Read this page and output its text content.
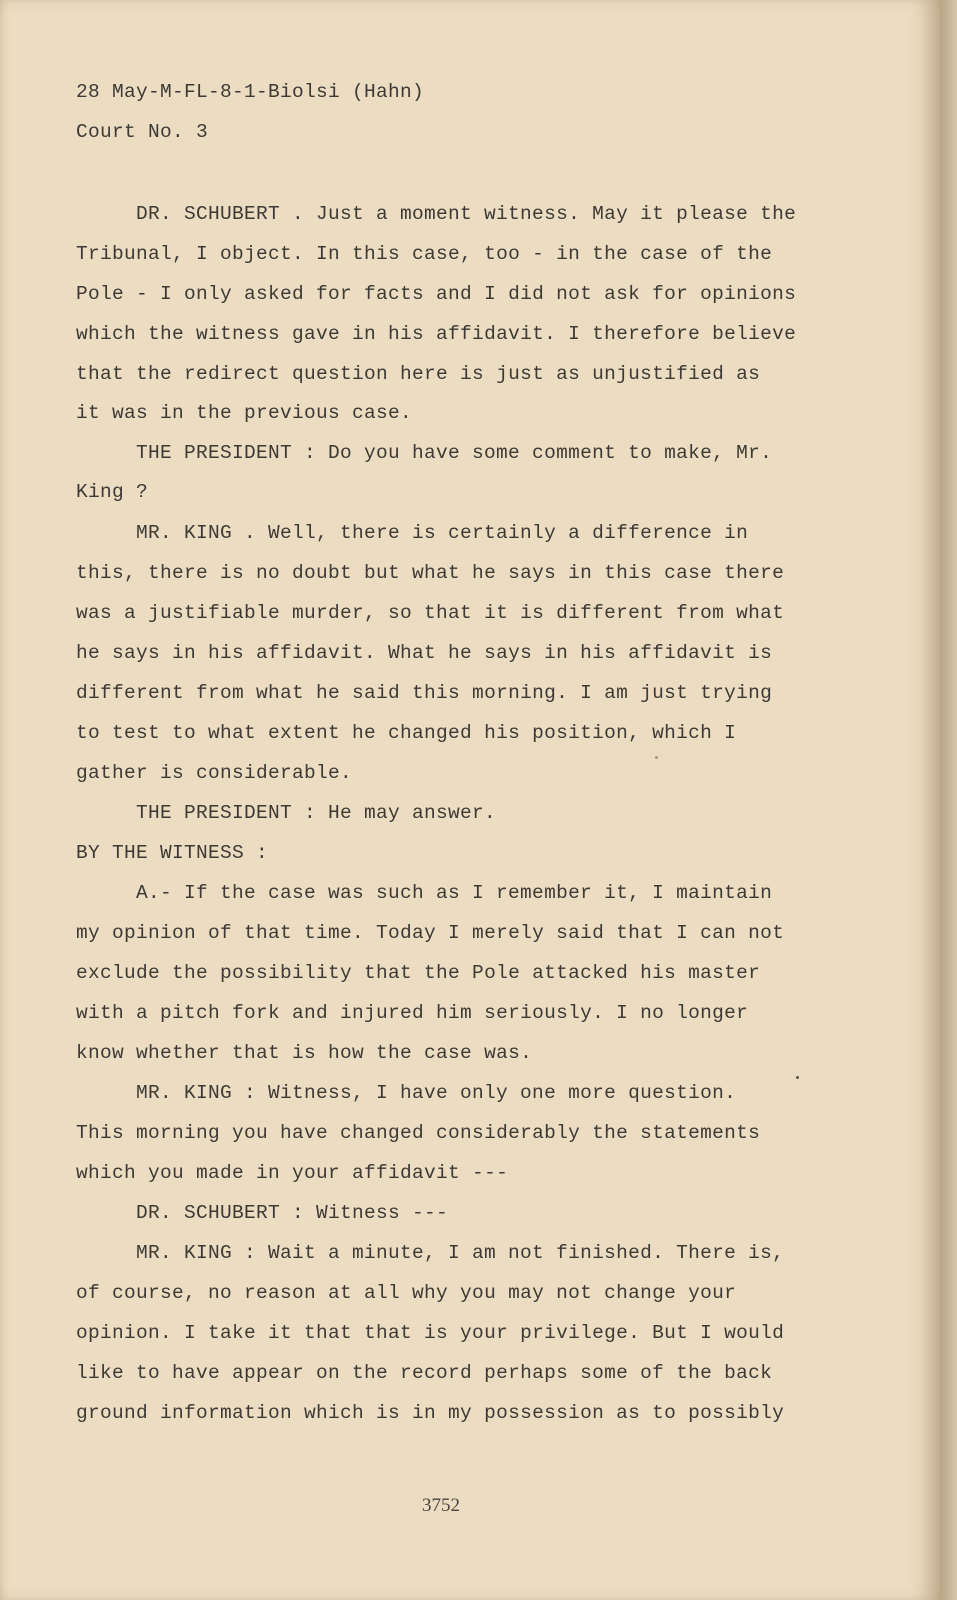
28 May-M-FL-8-1-Biolsi (Hahn)

Court No. 3

DR. SCHUBERT . Just a moment witness. May it please the

Tribunal, I object. In this case, too - in the case of the

Pole - I only asked for facts and I did not ask for opinions

which the witness gave in his affidavit. I therefore believe

that the redirect question here is just as unjustified as

it was in the previous case.

THE PRESIDENT : Do you have some comment to make, Mr.

King ?

MR. KING . Well, there is certainly a difference in

this, there is no doubt but what he says in this case there

was a justifiable murder, so that it is different from what

he says in his affidavit. What he says in his affidavit is

different from what he said this morning. I am just trying

to test to what extent he changed his position, which I

gather is considerable.

THE PRESIDENT : He may answer.

BY THE WITNESS :

A.- If the case was such as I remember it, I maintain

my opinion of that time. Today I merely said that I can not

exclude the possibility that the Pole attacked his master

with a pitch fork and injured him seriously. I no longer

know whether that is how the case was.

MR. KING : Witness, I have only one more question.

This morning you have changed considerably the statements

which you made in your affidavit ---

DR. SCHUBERT : Witness ---

MR. KING : Wait a minute, I am not finished. There is,

of course, no reason at all why you may not change your

opinion. I take it that that is your privilege. But I would

like to have appear on the record perhaps some of the back

ground information which is in my possession as to possibly

3752
